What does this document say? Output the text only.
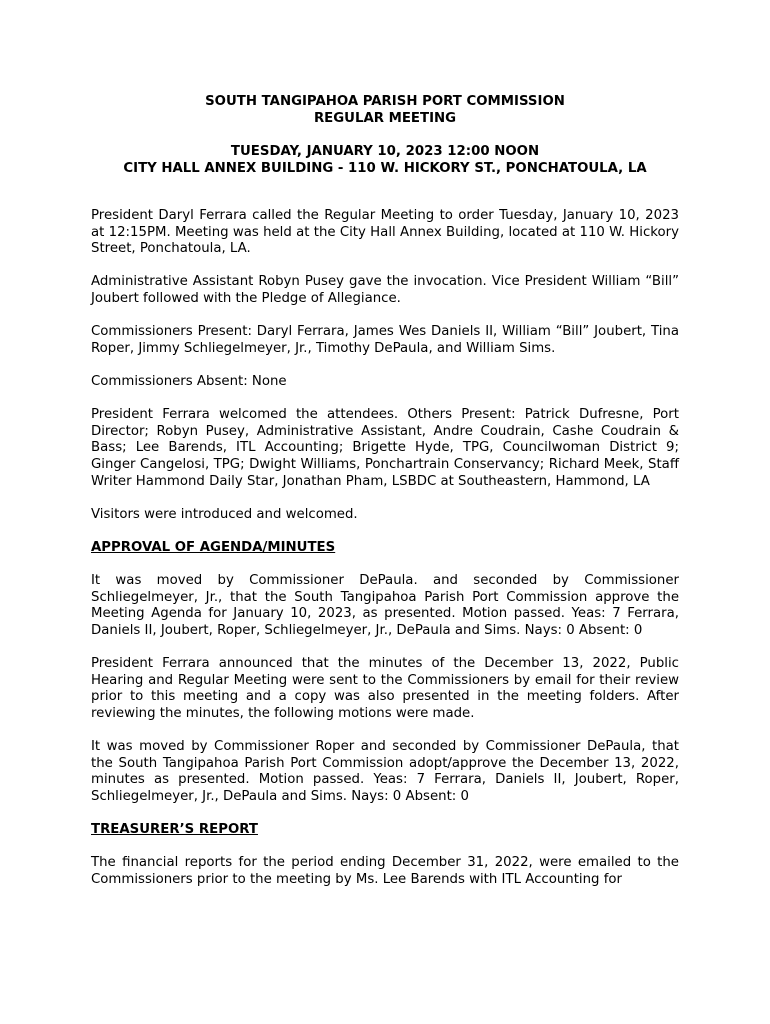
SOUTH TANGIPAHOA PARISH PORT COMMISSION
REGULAR MEETING
TUESDAY, JANUARY 10, 2023 12:00 NOON
CITY HALL ANNEX BUILDING - 110 W. HICKORY ST., PONCHATOULA, LA

President Daryl Ferrara called the Regular Meeting to order Tuesday, January 10, 2023 at 12:15PM. Meeting was held at the City Hall Annex Building, located at 110 W. Hickory Street, Ponchatoula, LA.

Administrative Assistant Robyn Pusey gave the invocation. Vice President William “Bill” Joubert followed with the Pledge of Allegiance.

Commissioners Present: Daryl Ferrara, James Wes Daniels II, William “Bill” Joubert, Tina Roper, Jimmy Schliegelmeyer, Jr., Timothy DePaula, and William Sims.

Commissioners Absent: None

President Ferrara welcomed the attendees. Others Present: Patrick Dufresne, Port Director; Robyn Pusey, Administrative Assistant, Andre Coudrain, Cashe Coudrain & Bass; Lee Barends, ITL Accounting; Brigette Hyde, TPG, Councilwoman District 9; Ginger Cangelosi, TPG; Dwight Williams, Ponchartrain Conservancy; Richard Meek, Staff Writer Hammond Daily Star, Jonathan Pham, LSBDC at Southeastern, Hammond, LA

Visitors were introduced and welcomed.

APPROVAL OF AGENDA/MINUTES

It was moved by Commissioner DePaula. and seconded by Commissioner Schliegelmeyer, Jr., that the South Tangipahoa Parish Port Commission approve the Meeting Agenda for January 10, 2023, as presented. Motion passed. Yeas: 7 Ferrara, Daniels II, Joubert, Roper, Schliegelmeyer, Jr., DePaula and Sims. Nays: 0 Absent: 0

President Ferrara announced that the minutes of the December 13, 2022, Public Hearing and Regular Meeting were sent to the Commissioners by email for their review prior to this meeting and a copy was also presented in the meeting folders. After reviewing the minutes, the following motions were made.

It was moved by Commissioner Roper and seconded by Commissioner DePaula, that the South Tangipahoa Parish Port Commission adopt/approve the December 13, 2022, minutes as presented. Motion passed. Yeas: 7 Ferrara, Daniels II, Joubert, Roper, Schliegelmeyer, Jr., DePaula and Sims. Nays: 0 Absent: 0

TREASURER’S REPORT

The financial reports for the period ending December 31, 2022, were emailed to the Commissioners prior to the meeting by Ms. Lee Barends with ITL Accounting for
